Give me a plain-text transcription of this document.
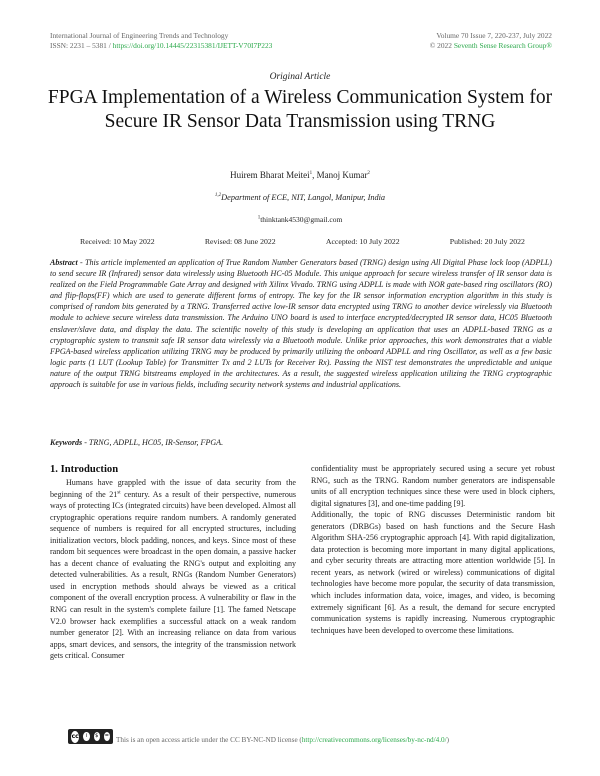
International Journal of Engineering Trends and Technology
ISSN: 2231 – 5381 / https://doi.org/10.14445/22315381/IJETT-V70I7P223
Volume 70 Issue 7, 220-237, July 2022
© 2022 Seventh Sense Research Group®
Original Article
FPGA Implementation of a Wireless Communication System for Secure IR Sensor Data Transmission using TRNG
Huirem Bharat Meitei$^1$, Manoj Kumar$^2$
$^{1,2}$Department of ECE, NIT, Langol, Manipur, India
$^1$thinktank4530@gmail.com
Received: 10 May 2022	Revised: 08 June 2022	Accepted: 10 July 2022	Published: 20 July 2022

Abstract - This article implemented an application of True Random Number Generators based (TRNG) design using All Digital Phase lock loop (ADPLL) to send secure IR (Infrared) sensor data wirelessly using Bluetooth HC-05 Module. This unique approach for secure wireless transfer of IR sensor data is realized on the Field Programmable Gate Array and designed with Xilinx Vivado. TRNG using ADPLL is made with NOR gate-based ring oscillators (RO) and flip-flops(FF) which are used to generate different forms of entropy. The key for the IR sensor information encryption algorithm in this study is comprised of random bits generated by a TRNG. Transferred active low-IR sensor data encrypted using TRNG to another device wirelessly via Bluetooth module to achieve secure wireless data transmission. The Arduino UNO board is used to interface encrypted/decrypted IR sensor data, HC05 Bluetooth enslaver/slave data, and display the data. The scientific novelty of this study is developing an application that uses an ADPLL-based TRNG as a cryptographic system to transmit safe IR sensor data wirelessly via a Bluetooth module. Unlike prior approaches, this work demonstrates that a viable FPGA-based wireless application utilizing TRNG may be produced by primarily utilizing the onboard ADPLL and ring Oscillator, as well as a few basic logic parts (1 LUT (Lookup Table) for Transmitter Tx and 2 LUTs for Receiver Rx). Passing the NIST test demonstrates the unpredictable and unique nature of the output TRNG bitstreams employed in the architectures. As a result, the suggested wireless application utilizing the TRNG cryptographic approach is suitable for use in various fields, including security network systems and industrial applications.

Keywords - TRNG, ADPLL, HC05, IR-Sensor, FPGA.

1. Introduction

Humans have grappled with the issue of data security from the beginning of the 21st century. As a result of their perspective, numerous ways of protecting ICs (integrated circuits) have been developed. Almost all cryptographic operations require random numbers. A randomly generated sequence of numbers is required for all encrypted structures, including initialization vectors, block padding, nonces, and keys. Since most of these random bit sequences were broadcast in the open domain, a passive hacker has a decent chance of evaluating the RNG's output and exploiting any detected vulnerabilities. As a result, RNGs (Random Number Generators) used in encryption methods should always be viewed as a critical component of the overall encryption process. A vulnerability or flaw in the RNG can result in the system's complete failure [1]. The famed Netscape V2.0 browser hack exemplifies a successful attack on a weak random number generator [2]. With an increasing reliance on data from various apps, smart devices, and sensors, the integrity of the transmission network gets critical. Consumer

confidentiality must be appropriately secured using a secure yet robust RNG, such as the TRNG. Random number generators are indispensable units of all encryption techniques since these were used in block ciphers, digital signatures [3], and one-time padding [9].

Additionally, the topic of RNG discusses Deterministic random bit generators (DRBGs) based on hash functions and the Secure Hash Algorithm SHA-256 cryptographic approach [4]. With rapid digitalization, data protection is becoming more important in many digital applications, and cyber security threats are attracting more attention worldwide [5]. In recent years, as network (wired or wireless) communications of digital technologies have become more popular, the security of data transmission, which includes information data, voice, images, and video, is becoming extremely significant [6]. As a result, the demand for secure encrypted communication systems is rapidly increasing. Numerous cryptographic techniques have been developed to overcome these limitations.

cc	i	$	= This is an open access article under the CC BY-NC-ND license ( http://creativecommons.org/licenses/by-nc-nd/4.0/ )
